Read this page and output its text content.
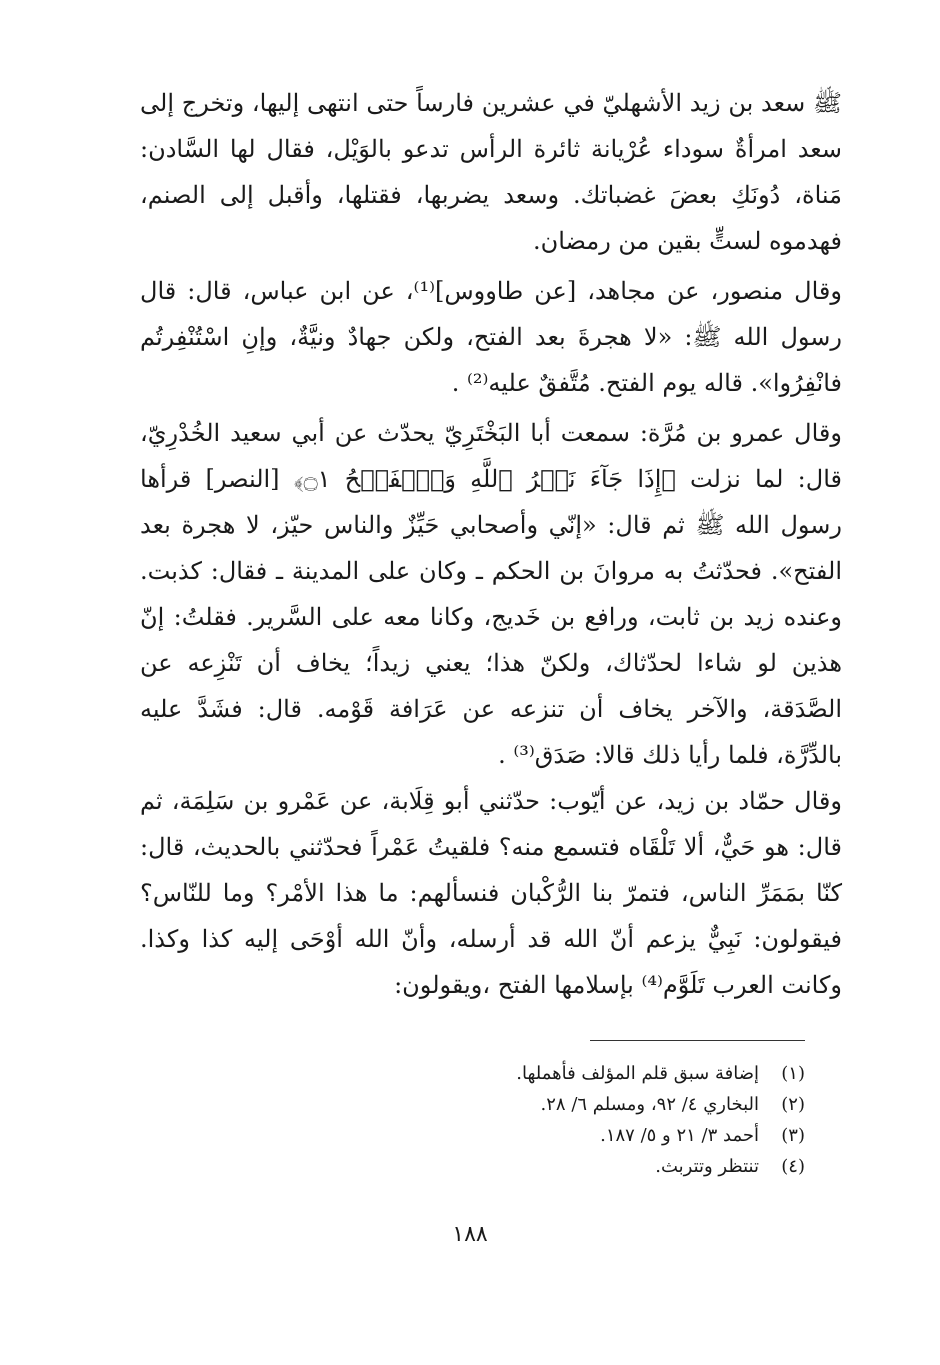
ﷺ سعد بن زيد الأشهليّ في عشرين فارساً حتى انتهى إليها، وتخرج إلى سعد امرأةٌ سوداء عُرْيانة ثائرة الرأس تدعو بالوَيْل، فقال لها السَّادن: مَناة، دُونَكِ بعضَ غضباتك. وسعد يضربها، فقتلها، وأقبل إلى الصنم، فهدموه لستٍّ بقين من رمضان.

وقال منصور، عن مجاهد، [عن طاووس]⁽¹⁾، عن ابن عباس، قال: قال رسول الله ﷺ: «لا هجرةَ بعد الفتح، ولكن جهادٌ ونيَّةٌ، وإنِ اسْتُنْفِرتُم فانْفِرُوا». قاله يوم الفتح. مُتَّفقٌ عليه⁽²⁾ .

وقال عمرو بن مُرَّة: سمعت أبا البَخْتَرِيّ يحدّث عن أبي سعيد الخُدْرِيّ، قال: لما نزلت ﴿إِذَا جَآءَ نَصۡرُ ٱللَّهِ وَٱلۡفَتۡحُ ۝١﴾ [النصر] قرأها رسول الله ﷺ ثم قال: «إنّي وأصحابي حَيِّزٌ والناس حيّز، لا هجرة بعد الفتح». فحدّثتُ به مروانَ بن الحكم ـ وكان على المدينة ـ فقال: كذبت. وعنده زيد بن ثابت، ورافع بن خَديج، وكانا معه على السَّرير. فقلتُ: إنّ هذين لو شاءا لحدّثاك، ولكنّ هذا؛ يعني زيداً؛ يخاف أن تَنْزِعه عن الصَّدَقة، والآخر يخاف أن تنزعه عن عَرَافة قَوْمه. قال: فشَدَّ عليه بالدِّرَّة، فلما رأيا ذلك قالا: صَدَق⁽³⁾ .

وقال حمّاد بن زيد، عن أيّوب: حدّثني أبو قِلَابة، عن عَمْرو بن سَلِمَة، ثم قال: هو حَيٌّ، ألا تَلْقَاه فتسمع منه؟ فلقيتُ عَمْراً فحدّثني بالحديث، قال: كنّا بمَمَرِّ الناس، فتمرّ بنا الرُّكْبان فنسألهم: ما هذا الأمْر؟ وما للنّاس؟ فيقولون: نَبِيٌّ يزعم أنّ الله قد أرسله، وأنّ الله أوْحَى إليه كذا وكذا. وكانت العرب تَلَوَّم⁽⁴⁾ بإسلامها الفتح ،ويقولون:

(١)
إضافة سبق قلم المؤلف فأهملها.
(٢)
البخاري ٤/ ٩٢، ومسلم ٦/ ٢٨.
(٣)
أحمد ٣/ ٢١ و ٥/ ١٨٧.
(٤)
تنتظر وتتربث.
١٨٨
